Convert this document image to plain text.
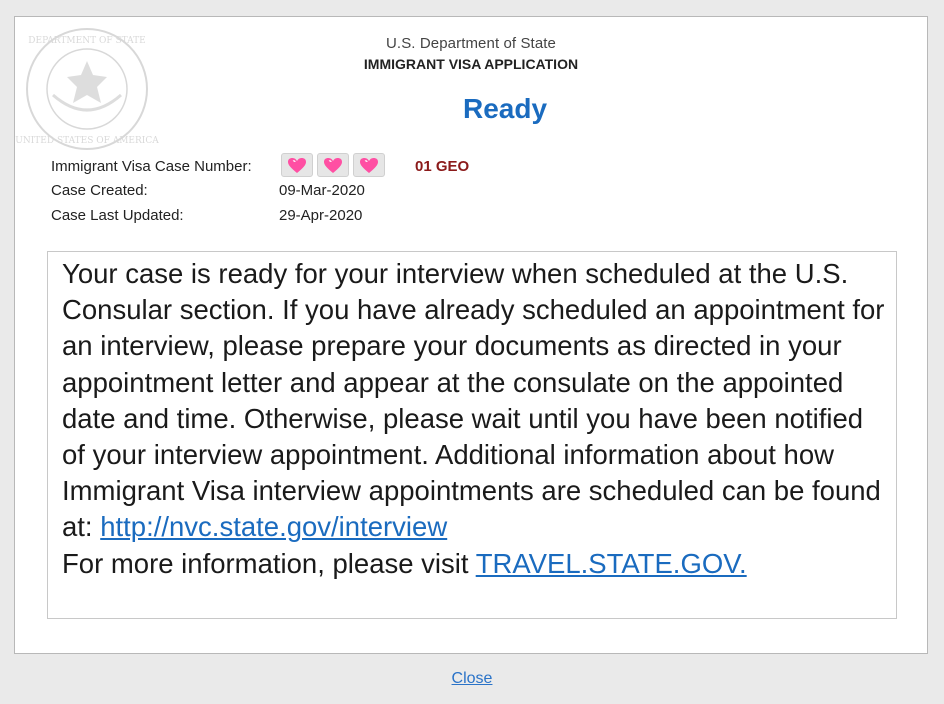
DEPARTMENT OF STATE
UNITED STATES OF AMERICA
U.S. Department of State
IMMIGRANT VISA APPLICATION
Ready
Immigrant Visa Case Number:	01 GEO
Case Created:	09-Mar-2020
Case Last Updated:	29-Apr-2020

Your case is ready for your interview when scheduled at the U.S. Consular section. If you have already scheduled an appointment for an interview, please prepare your documents as directed in your appointment letter and appear at the consulate on the appointed date and time. Otherwise, please wait until you have been notified of your interview appointment. Additional information about how Immigrant Visa interview appointments are scheduled can be found at: http://nvc.state.gov/interview

For more information, please visit TRAVEL.STATE.GOV.

Close
